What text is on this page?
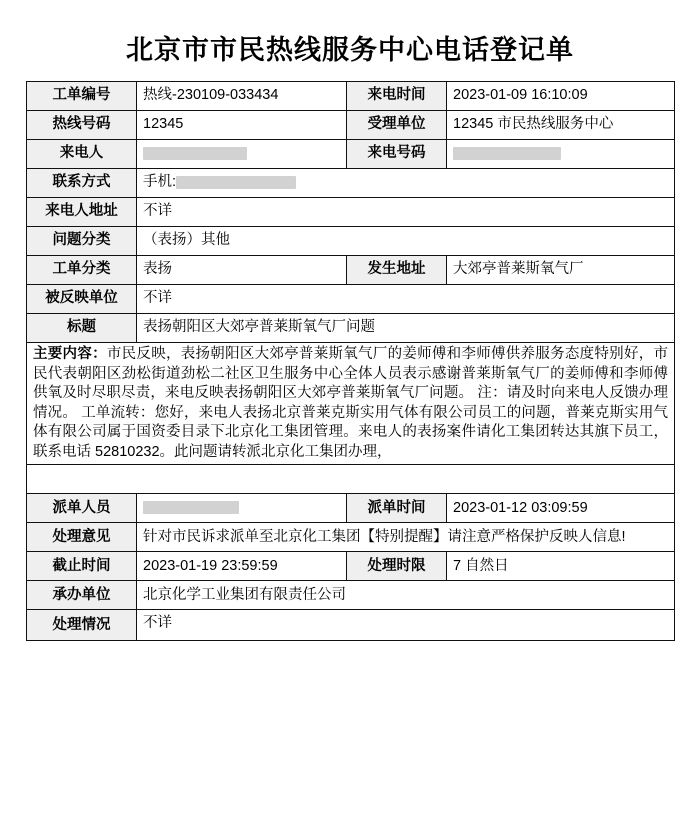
北京市市民热线服务中心电话登记单
工单编号	热线-230109-033434	来电时间	2023-01-09 16:10:09
热线号码	12345	受理单位	12345 市民热线服务中心
来电人		来电号码	
联系方式	手机:		
来电人地址	不详		
问题分类	（表扬）其他		
工单分类	表扬	发生地址	大郊亭普莱斯氧气厂
被反映单位	不详		
标题	表扬朝阳区大郊亭普莱斯氧气厂问题		

主要内容：市民反映，表扬朝阳区大郊亭普莱斯氧气厂的姜师傅和李师傅供养服务态度特别好，市民代表朝阳区劲松街道劲松二社区卫生服务中心全体人员表示感谢普莱斯氧气厂的姜师傅和李师傅供氧及时尽职尽责，来电反映表扬朝阳区大郊亭普莱斯氧气厂问题。 注：请及时向来电人反馈办理情况。 工单流转：您好，来电人表扬北京普莱克斯实用气体有限公司员工的问题，普莱克斯实用气体有限公司属于国资委目录下北京化工集团管理。来电人的表扬案件请化工集团转达其旗下员工，联系电话 52810232。此问题请转派北京化工集团办理，			

派单人员		派单时间	2023-01-12 03:09:59
处理意见	针对市民诉求派单至北京化工集团【特别提醒】请注意严格保护反映人信息!		
截止时间	2023-01-19 23:59:59	处理时限	7 自然日
承办单位	北京化学工业集团有限责任公司		
处理情况	不详		
